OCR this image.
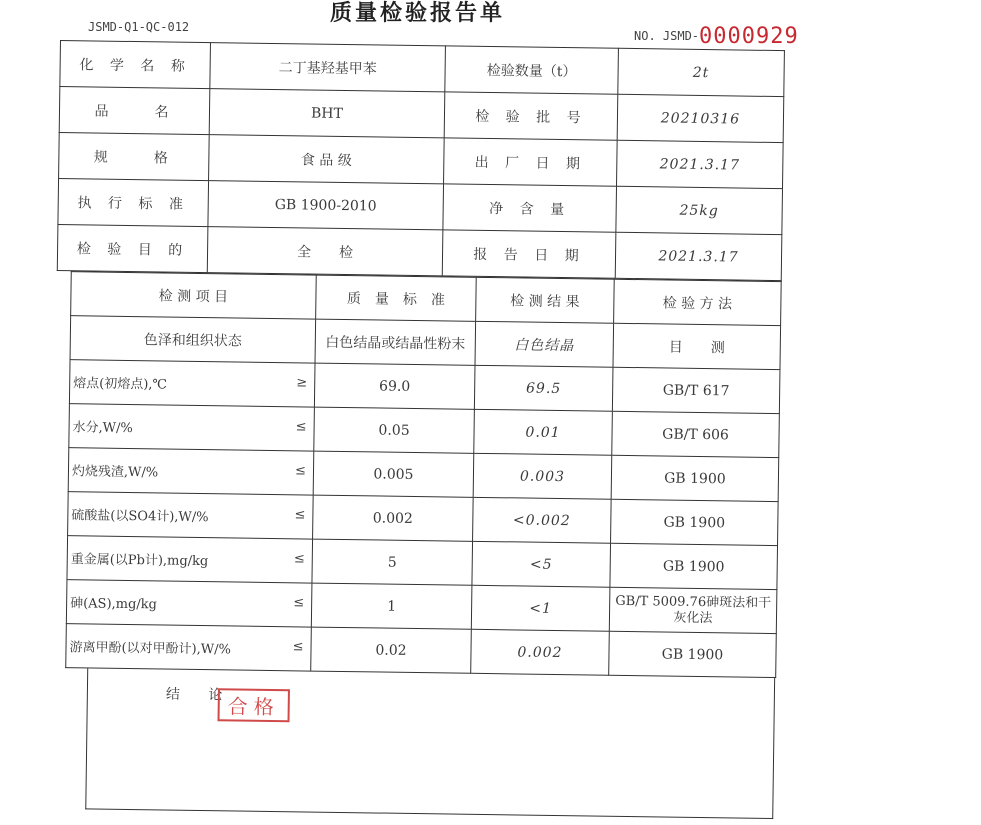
质量检验报告单
JSMD-Q1-QC-012
NO. JSMD-0000929
化 学 名 称	二丁基羟基甲苯	检验数量（t）	2t
品　　名	BHT	检 验 批 号	20210316
规　　格	食 品 级	出 厂 日 期	2021.3.17
执 行 标 准	GB 1900-2010	净 含 量	25kg
检 验 目 的	全　　检	报 告 日 期	2021.3.17
检 测 项 目	质　量　标　准	检 测 结 果	检 验 方 法
色泽和组织状态	白色结晶或结晶性粉末	白色结晶	目　　测
熔点(初熔点),℃ ≥	69.0	69.5	GB/T 617
水分,W/% ≤	0.05	0.01	GB/T 606
灼烧残渣,W/% ≤	0.005	0.003	GB 1900
硫酸盐(以SO4计),W/% ≤	0.002	<0.002	GB 1900
重金属(以Pb计),mg/kg ≤	5	<5	GB 1900
砷(AS),mg/kg ≤	1	<1	GB/T 5009.76砷斑法和干灰化法
游离甲酚(以对甲酚计),W/% ≤	0.02	0.002	GB 1900
结 论
合格
